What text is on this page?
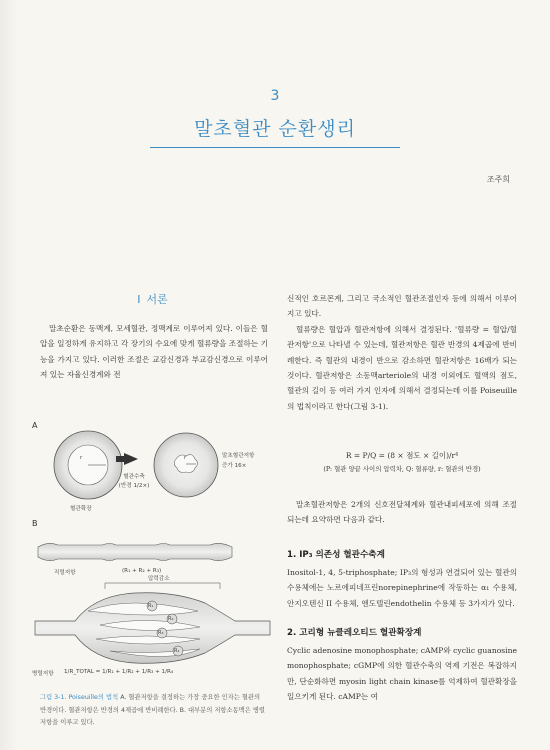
3
말초혈관 순환생리
조주희
I 서론

말초순환은 동맥계, 모세혈관, 정맥계로 이루어져 있다. 이들은 혈압을 일정하게 유지하고 각 장기의 수요에 맞게 혈류량을 조절하는 기능을 가지고 있다. 이러한 조절은 교감신경과 부교감신경으로 이루어져 있는 자율신경계와 전

신적인 호르몬계, 그리고 국소적인 혈관조절인자 등에 의해서 이루어지고 있다.

혈류량은 혈압과 혈관저항에 의해서 결정된다. '혈류량 = 혈압/혈관저항'으로 나타낼 수 있는데, 혈관저항은 혈관 반경의 4제곱에 반비례한다. 즉 혈관의 내경이 반으로 감소하면 혈관저항은 16배가 되는 것이다. 혈관저항은 소동맥arteriole의 내경 이외에도 혈액의 점도, 혈관의 길이 등 여러 가지 인자에 의해서 결정되는데 이를 Poiseuille의 법칙이라고 한다(그림 3-1).

R = P/Q = (8 × 점도 × 길이)/r⁴
(P: 혈관 양끝 사이의 압력차, Q: 혈류량, r: 혈관의 반경)

말초혈관저항은 2개의 신호전달체계와 혈관내피세포에 의해 조절되는데 요약하면 다음과 같다.

1. IP₃ 의존성 혈관수축계

Inositol-1, 4, 5-triphosphate; IP₃의 형성과 연결되어 있는 혈관의 수용체에는 노르에피네프린norepinephrine에 작동하는 α₁ 수용체, 안지오텐신 II 수용체, 엔도텔린endothelin 수용체 등 3가지가 있다.

2. 고리형 뉴클레오티드 혈관확장계

Cyclic adenosine monophosphate; cAMP와 cyclic guanosine monophosphate; cGMP에 의한 혈관수축의 역제 기전은 복잡하지만, 단순화하면 myosin light chain kinase를 억제하여 혈관확장을 일으키게 된다. cAMP는 여

A
r	r
혈관확장
혈관수축
(반경 1/2×)
말초혈관저항
증가 16×
B
직렬저항	(R₁ + R₂ + R₃)
압력감소
R₁
R₂
R₃
R₄
병렬저항 1/R_TOTAL = 1/R₁ + 1/R₂ + 1/R₃ + 1/R₄
그림 3-1. Poiseuille의 법칙 A. 혈관저항을 결정하는 가장 중요한 인자는 혈관의 반경이다. 혈관저항은 반경의 4제곱에 반비례한다. B. 대부분의 저항소동맥은 병렬저항을 이루고 있다.
